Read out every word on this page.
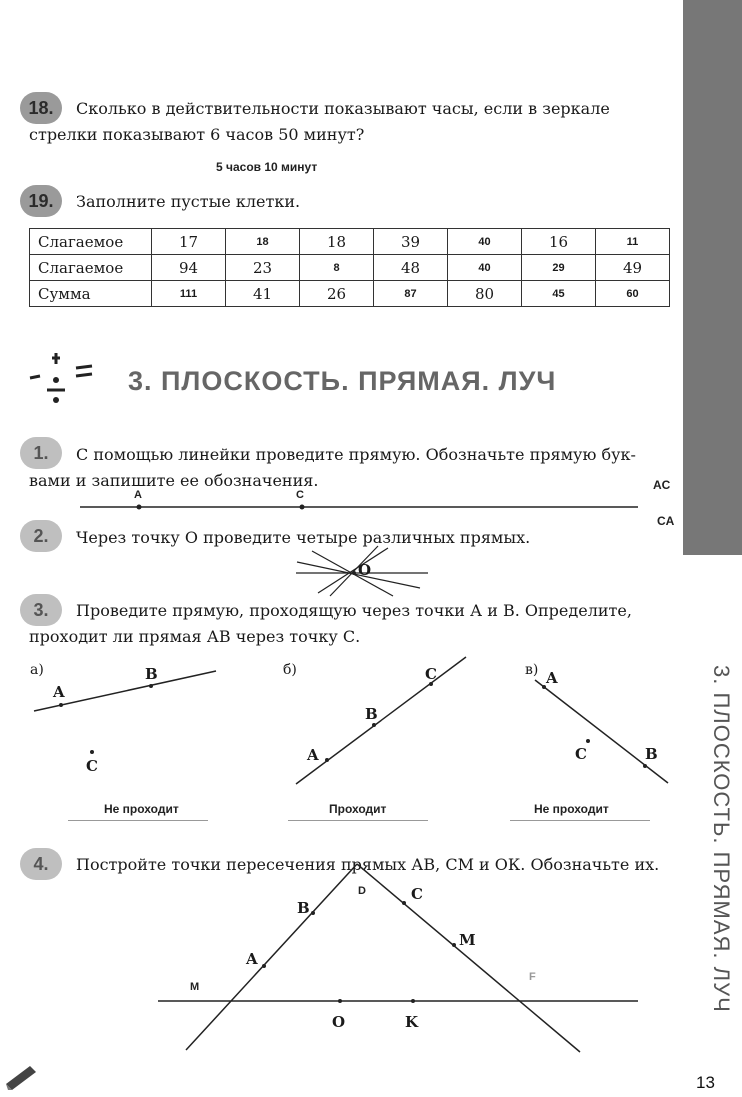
3. ПЛОСКОСТЬ. ПРЯМАЯ. ЛУЧ
18.	Сколько в действительности показывают часы, если в зеркале
стрелки показывают 6 часов 50 минут?
5 часов 10 минут
19.	Заполните пустые клетки.
Слагаемое	17	18	18	39	40	16	11
Слагаемое	94	23	8	48	40	29	49
Сумма	111	41	26	87	80	45	60
3. ПЛОСКОСТЬ. ПРЯМАЯ. ЛУЧ
1.	С помощью линейки проведите прямую. Обозначьте прямую бук-
вами и запишите ее обозначения.	AC
CA
2.	Через точку О проведите четыре различных прямых.
3.	Проведите прямую, проходящую через точки А и В. Определите,
проходит ли прямая АВ через точку С.
а)	б)	в)
Не проходит	Проходит	Не проходит
4.	Постройте точки пересечения прямых АВ, СМ и ОК. Обозначьте их.
A	C
O
A
B
C
A
B
C	A
B
C
B
A
C
M
O	K
D
M
F
13
